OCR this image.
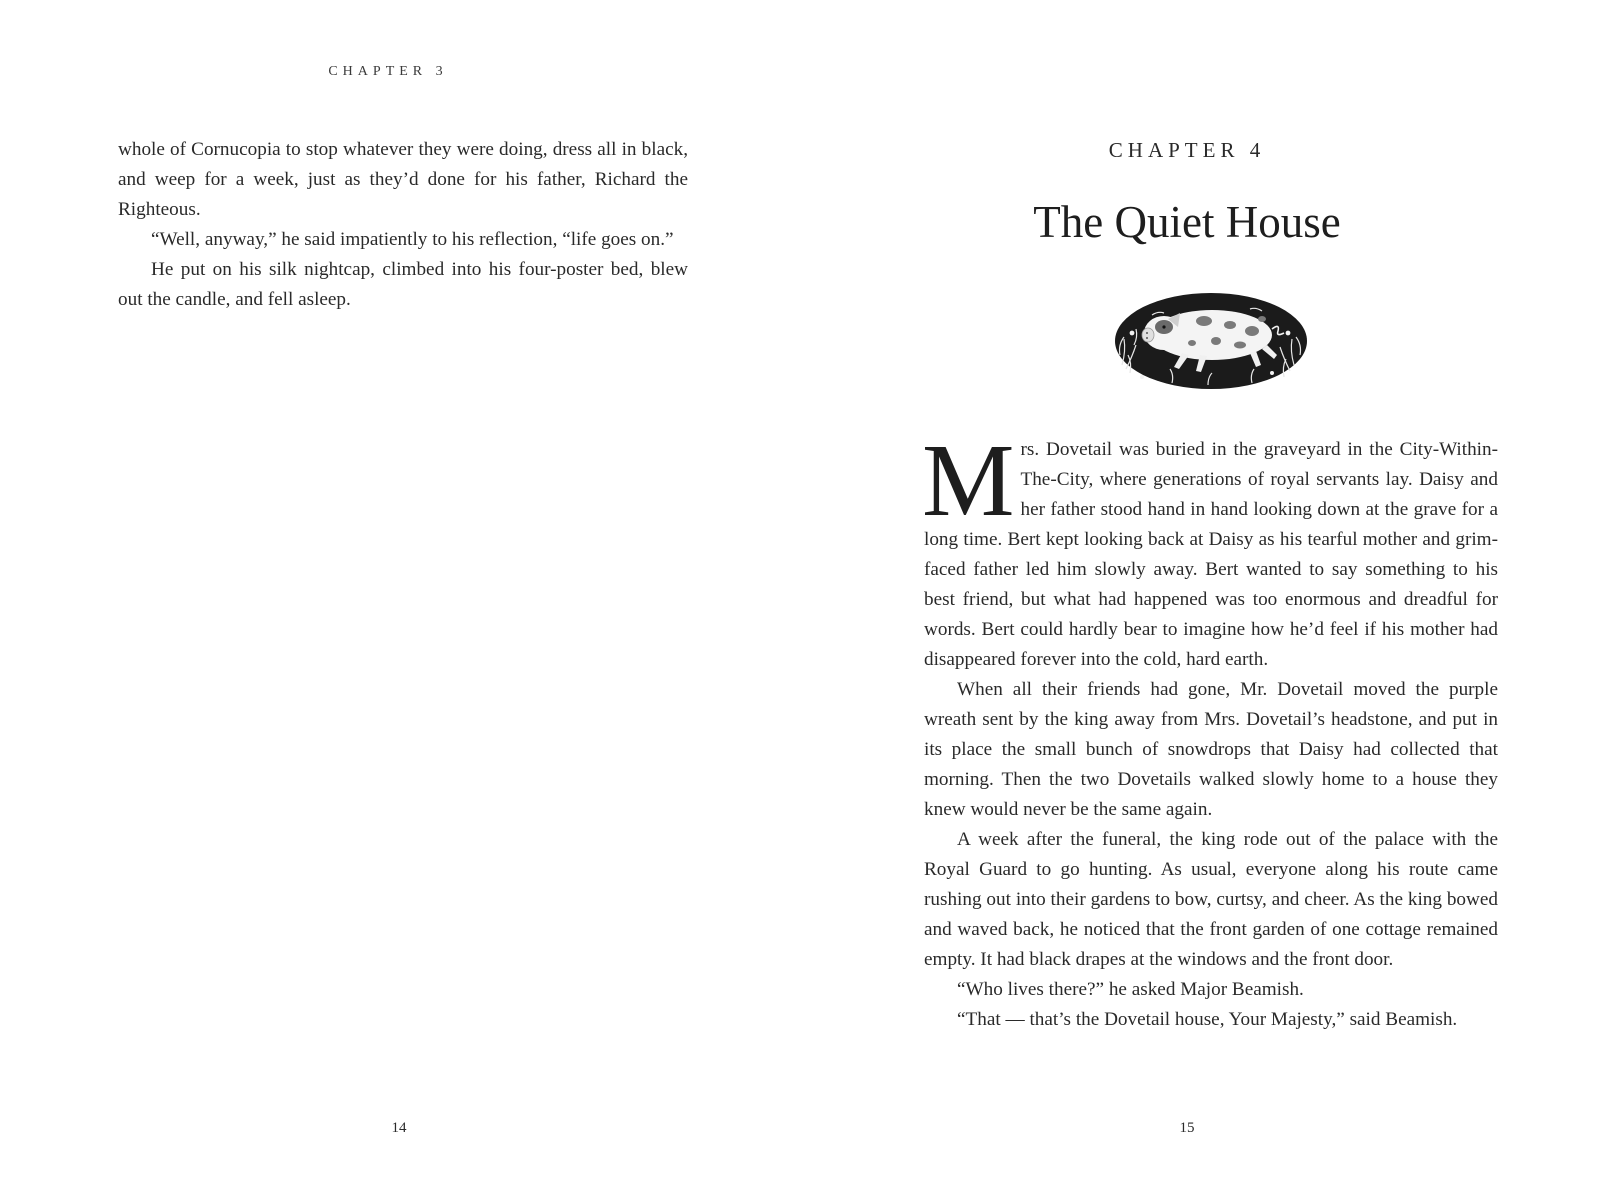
CHAPTER 3

whole of Cornucopia to stop whatever they were doing, dress all in black, and weep for a week, just as they’d done for his father, Richard the Righteous.

“Well, anyway,” he said impatiently to his reflection, “life goes on.”

He put on his silk nightcap, climbed into his four-poster bed, blew out the candle, and fell asleep.

14
CHAPTER 4
The Quiet House

Mrs. Dovetail was buried in the graveyard in the City-Within-The-City, where generations of royal servants lay. Daisy and her father stood hand in hand looking down at the grave for a long time. Bert kept looking back at Daisy as his tearful mother and grim-faced father led him slowly away. Bert wanted to say something to his best friend, but what had happened was too enormous and dreadful for words. Bert could hardly bear to imagine how he’d feel if his mother had disappeared forever into the cold, hard earth.

When all their friends had gone, Mr. Dovetail moved the purple wreath sent by the king away from Mrs. Dovetail’s headstone, and put in its place the small bunch of snowdrops that Daisy had collected that morning. Then the two Dovetails walked slowly home to a house they knew would never be the same again.

A week after the funeral, the king rode out of the palace with the Royal Guard to go hunting. As usual, everyone along his route came rushing out into their gardens to bow, curtsy, and cheer. As the king bowed and waved back, he noticed that the front garden of one cottage remained empty. It had black drapes at the windows and the front door.

“Who lives there?” he asked Major Beamish.

“That — that’s the Dovetail house, Your Majesty,” said Beamish.

15
